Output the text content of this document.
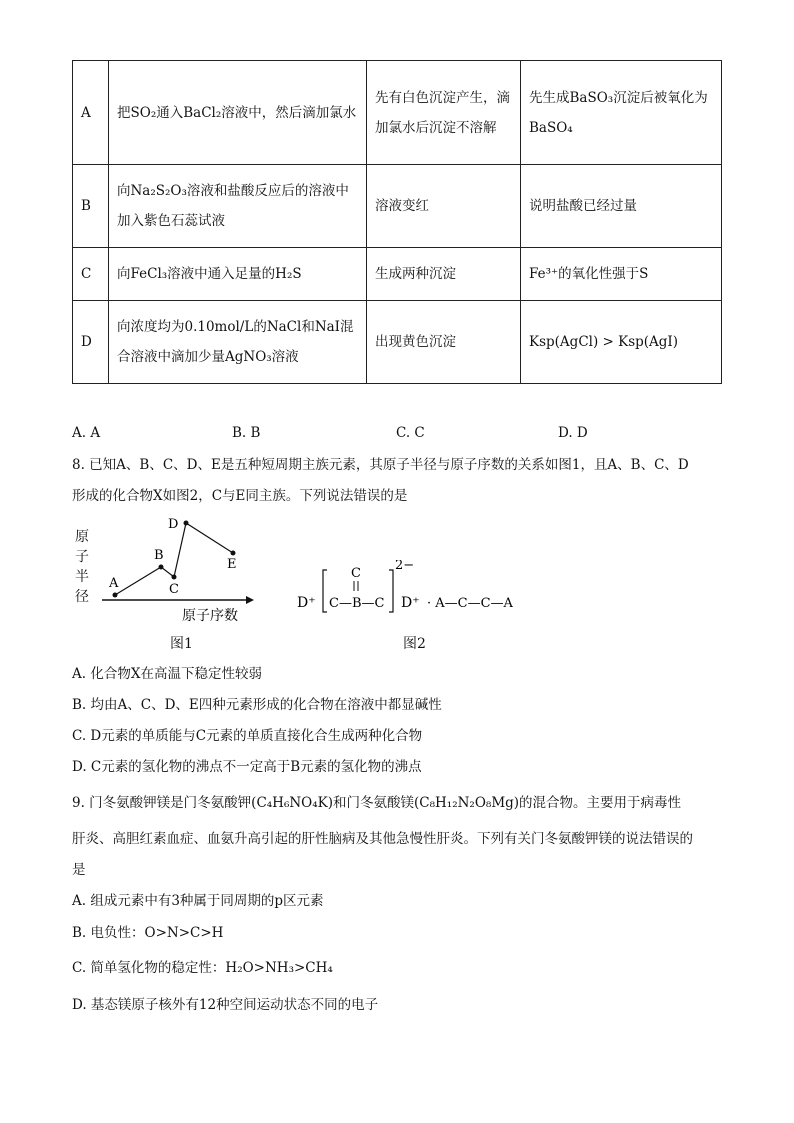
A	把SO₂通入BaCl₂溶液中，然后滴加氯水	先有白色沉淀产生，滴加氯水后沉淀不溶解	先生成BaSO₃沉淀后被氧化为BaSO₄
B	向Na₂S₂O₃溶液和盐酸反应后的溶液中加入紫色石蕊试液	溶液变红	说明盐酸已经过量
C	向FeCl₃溶液中通入足量的H₂S	生成两种沉淀	Fe³⁺的氧化性强于S
D	向浓度均为0.10mol/L的NaCl和NaI混合溶液中滴加少量AgNO₃溶液	出现黄色沉淀	Ksp(AgCl) > Ksp(AgI)
A. A	B. B	C. C	D. D
8. 已知A、B、C、D、E是五种短周期主族元素，其原子半径与原子序数的关系如图1，且A、B、C、D
形成的化合物X如图2，C与E同主族。下列说法错误的是
A
B
C
D
E
原子序数
原子半径
图1
D⁺
C
C—B—C
2−
D⁺ · A—C—C—A
图2
A. 化合物X在高温下稳定性较弱
B. 均由A、C、D、E四种元素形成的化合物在溶液中都显碱性
C. D元素的单质能与C元素的单质直接化合生成两种化合物
D. C元素的氢化物的沸点不一定高于B元素的氢化物的沸点
9. 门冬氨酸钾镁是门冬氨酸钾(C₄H₆NO₄K)和门冬氨酸镁(C₈H₁₂N₂O₈Mg)的混合物。主要用于病毒性
肝炎、高胆红素血症、血氨升高引起的肝性脑病及其他急慢性肝炎。下列有关门冬氨酸钾镁的说法错误的
是
A. 组成元素中有3种属于同周期的p区元素
B. 电负性：O>N>C>H
C. 简单氢化物的稳定性：H₂O>NH₃>CH₄
D. 基态镁原子核外有12种空间运动状态不同的电子
